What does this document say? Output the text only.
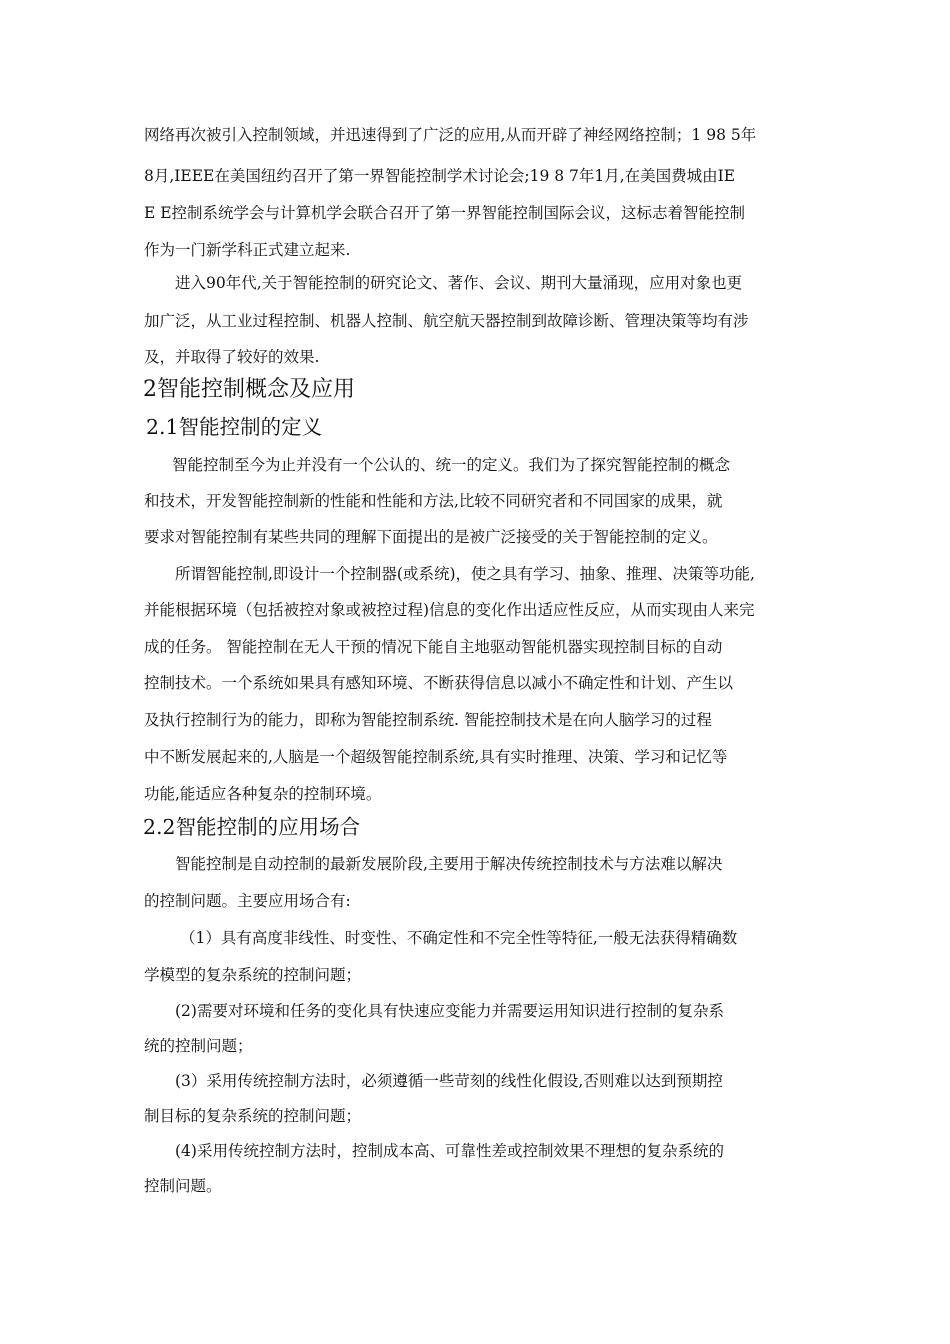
网络再次被引入控制领域，并迅速得到了广泛的应用,从而开辟了神经网络控制；1 98 5年
8月,IEEE在美国纽约召开了第一界智能控制学术讨论会;19 8 7年1月,在美国费城由IE
E E控制系统学会与计算机学会联合召开了第一界智能控制国际会议，这标志着智能控制
作为一门新学科正式建立起来.
进入90年代,关于智能控制的研究论文、著作、会议、期刊大量涌现，应用对象也更
加广泛，从工业过程控制、机器人控制、航空航天器控制到故障诊断、管理决策等均有涉
及，并取得了较好的效果.
2智能控制概念及应用
2.1智能控制的定义
智能控制至今为止并没有一个公认的、统一的定义。我们为了探究智能控制的概念
和技术，开发智能控制新的性能和性能和方法,比较不同研究者和不同国家的成果，就
要求对智能控制有某些共同的理解下面提出的是被广泛接受的关于智能控制的定义。
所谓智能控制,即设计一个控制器(或系统)，使之具有学习、抽象、推理、决策等功能,
并能根据环境（包括被控对象或被控过程)信息的变化作出适应性反应，从而实现由人来完
成的任务。 智能控制在无人干预的情况下能自主地驱动智能机器实现控制目标的自动
控制技术。一个系统如果具有感知环境、不断获得信息以减小不确定性和计划、产生以
及执行控制行为的能力，即称为智能控制系统. 智能控制技术是在向人脑学习的过程
中不断发展起来的,人脑是一个超级智能控制系统,具有实时推理、决策、学习和记忆等
功能,能适应各种复杂的控制环境。
2.2智能控制的应用场合
智能控制是自动控制的最新发展阶段,主要用于解决传统控制技术与方法难以解决
的控制问题。主要应用场合有:
（1）具有高度非线性、时变性、不确定性和不完全性等特征,一般无法获得精确数
学模型的复杂系统的控制问题；
(2)需要对环境和任务的变化具有快速应变能力并需要运用知识进行控制的复杂系
统的控制问题；
(3）采用传统控制方法时，必须遵循一些苛刻的线性化假设,否则难以达到预期控
制目标的复杂系统的控制问题；
(4)采用传统控制方法时，控制成本高、可靠性差或控制效果不理想的复杂系统的
控制问题。
